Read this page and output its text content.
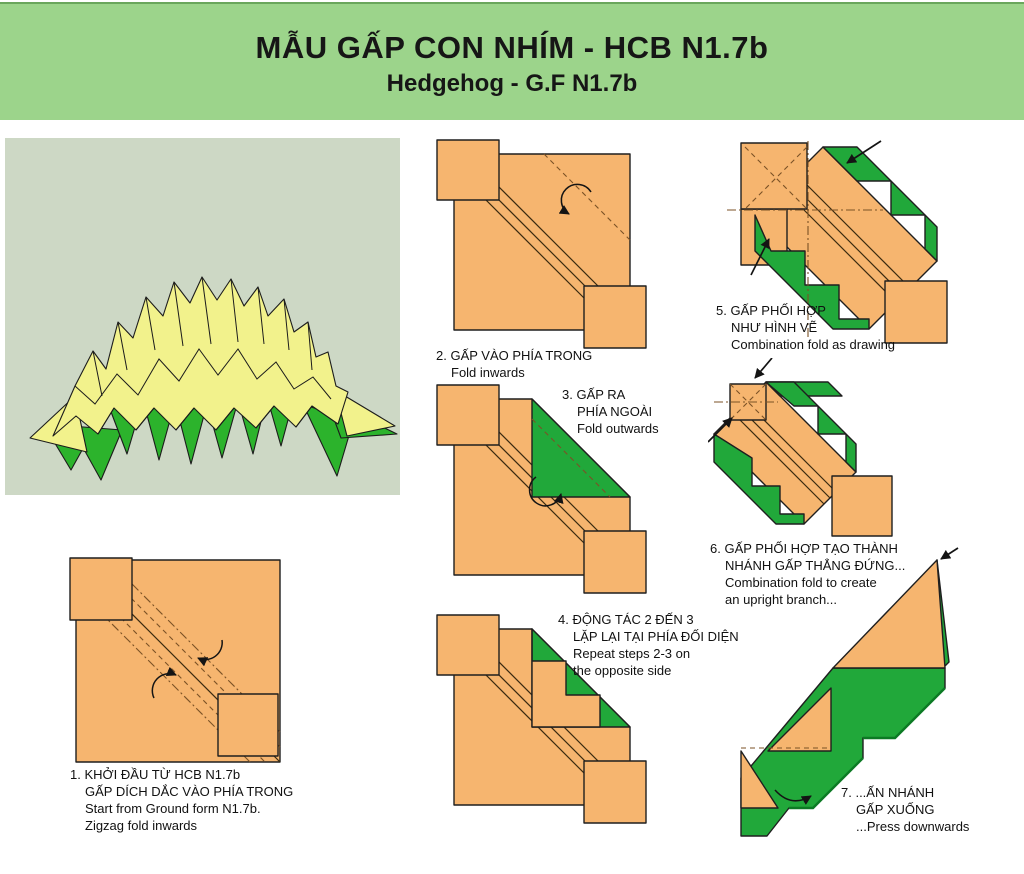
MẪU GẤP CON NHÍM - HCB N1.7b
Hedgehog - G.F N1.7b
1. KHỞI ĐẦU TỪ HCB N1.7b
GẤP DÍCH DẮC VÀO PHÍA TRONG
Start from Ground form N1.7b.
Zigzag fold inwards
2. GẤP VÀO PHÍA TRONG
Fold inwards
3. GẤP RA
PHÍA NGOÀI
Fold outwards
4. ĐỘNG TÁC 2 ĐẾN 3
LẶP LẠI TẠI PHÍA ĐỐI DIỆN
Repeat steps 2-3 on
the opposite side
5. GẤP PHỐI HỢP
NHƯ HÌNH VẼ
Combination fold as drawing
6. GẤP PHỐI HỢP TẠO THÀNH
NHÁNH GẤP THẲNG ĐỨNG...
Combination fold to create
an upright branch...
7. ...ẤN NHÁNH
GẤP XUỐNG
...Press downwards
